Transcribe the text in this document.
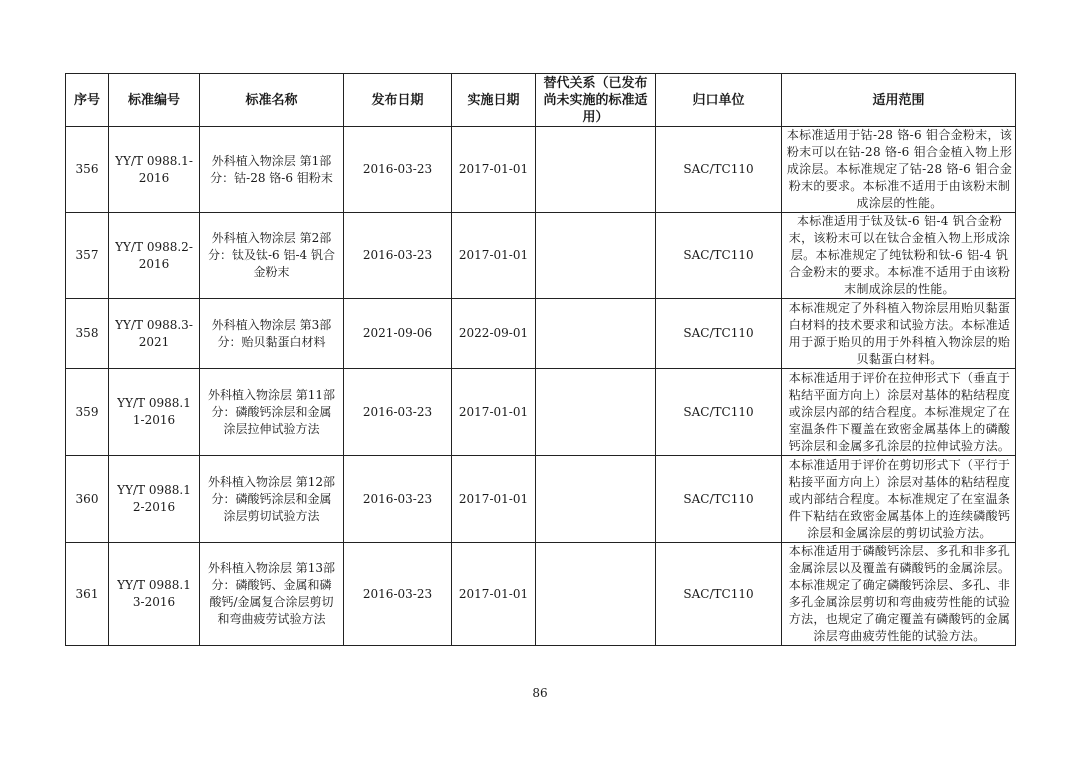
序号	标准编号	标准名称	发布日期	实施日期	替代关系（已发布尚未实施的标准适用）	归口单位	适用范围
356	YY/T 0988.1-2016	外科植入物涂层 第1部分：钴-28 铬-6 钼粉末	2016-03-23	2017-01-01		SAC/TC110	本标准适用于钴-28 铬-6 钼合金粉末，该粉末可以在钴-28 铬-6 钼合金植入物上形成涂层。本标准规定了钴-28 铬-6 钼合金粉末的要求。本标准不适用于由该粉末制成涂层的性能。

357	YY/T 0988.2-2016	外科植入物涂层 第2部分：钛及钛-6 铝-4 钒合金粉末	2016-03-23	2017-01-01		SAC/TC110	本标准适用于钛及钛-6 铝-4 钒合金粉末，该粉末可以在钛合金植入物上形成涂层。本标准规定了纯钛粉和钛-6 铝-4 钒合金粉末的要求。本标准不适用于由该粉末制成涂层的性能。

358	YY/T 0988.3-2021	外科植入物涂层 第3部分：贻贝黏蛋白材料	2021-09-06	2022-09-01		SAC/TC110	本标准规定了外科植入物涂层用贻贝黏蛋白材料的技术要求和试验方法。本标准适用于源于贻贝的用于外科植入物涂层的贻贝黏蛋白材料。

359	YY/T 0988.11-2016	外科植入物涂层 第11部分：磷酸钙涂层和金属涂层拉伸试验方法	2016-03-23	2017-01-01		SAC/TC110	本标准适用于评价在拉伸形式下（垂直于粘结平面方向上）涂层对基体的粘结程度或涂层内部的结合程度。本标准规定了在室温条件下覆盖在致密金属基体上的磷酸钙涂层和金属多孔涂层的拉伸试验方法。

360	YY/T 0988.12-2016	外科植入物涂层 第12部分：磷酸钙涂层和金属涂层剪切试验方法	2016-03-23	2017-01-01		SAC/TC110	本标准适用于评价在剪切形式下（平行于粘接平面方向上）涂层对基体的粘结程度或内部结合程度。本标准规定了在室温条件下粘结在致密金属基体上的连续磷酸钙涂层和金属涂层的剪切试验方法。

361	YY/T 0988.13-2016	外科植入物涂层 第13部分：磷酸钙、金属和磷酸钙/金属复合涂层剪切和弯曲疲劳试验方法	2016-03-23	2017-01-01		SAC/TC110	本标准适用于磷酸钙涂层、多孔和非多孔金属涂层以及覆盖有磷酸钙的金属涂层。本标准规定了确定磷酸钙涂层、多孔、非多孔金属涂层剪切和弯曲疲劳性能的试验方法，也规定了确定覆盖有磷酸钙的金属涂层弯曲疲劳性能的试验方法。
86
